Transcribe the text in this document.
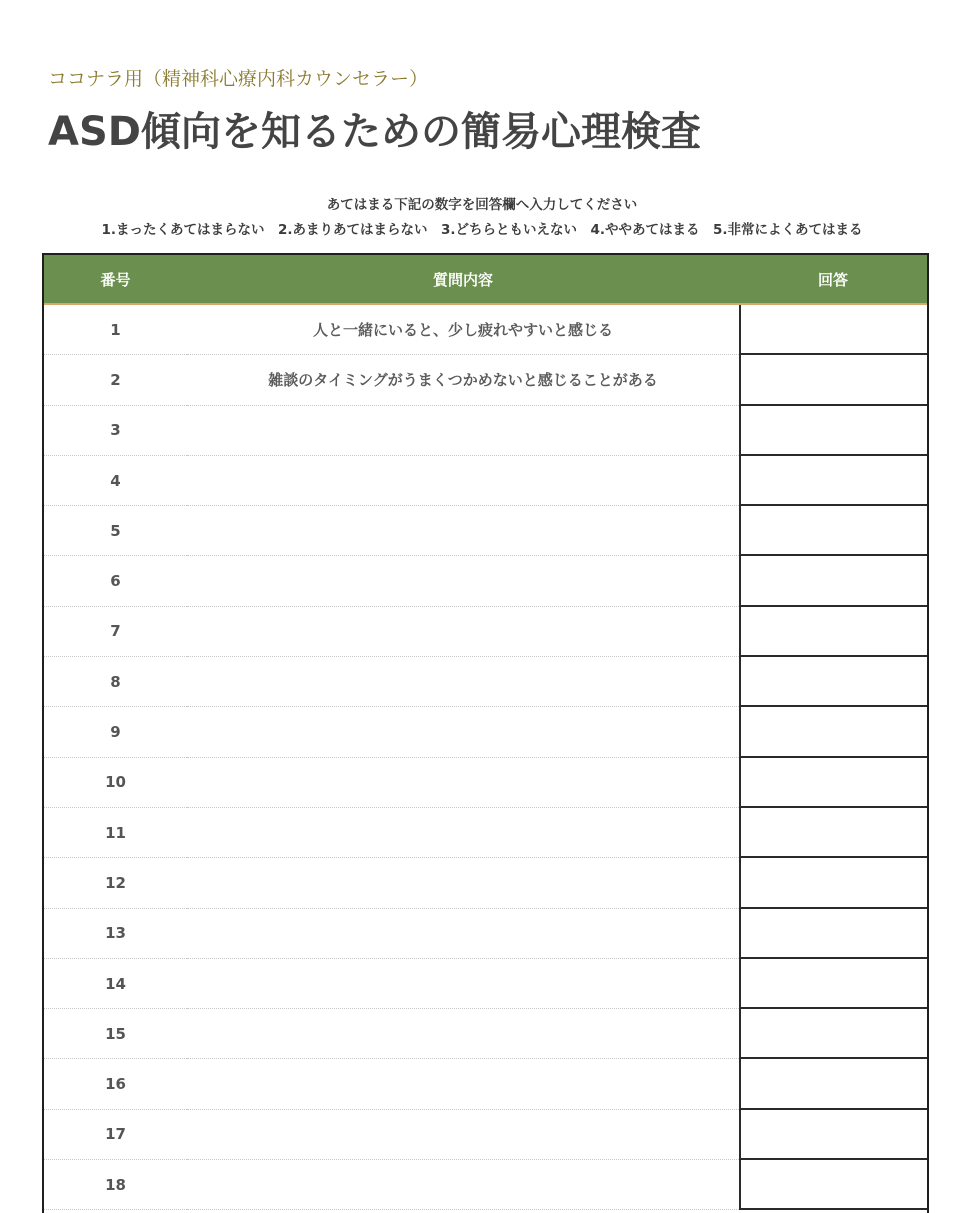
ココナラ用（精神科心療内科カウンセラー）
ASD傾向を知るための簡易心理検査
あてはまる下記の数字を回答欄へ入力してください
1.まったくあてはまらない　2.あまりあてはまらない　3.どちらともいえない　4.ややあてはまる　5.非常によくあてはまる
番号	質問内容	回答
1	人と一緒にいると、少し疲れやすいと感じる
2	雑談のタイミングがうまくつかめないと感じることがある
3
4
5
6
7
8
9
10
11
12
13
14
15
16
17
18
